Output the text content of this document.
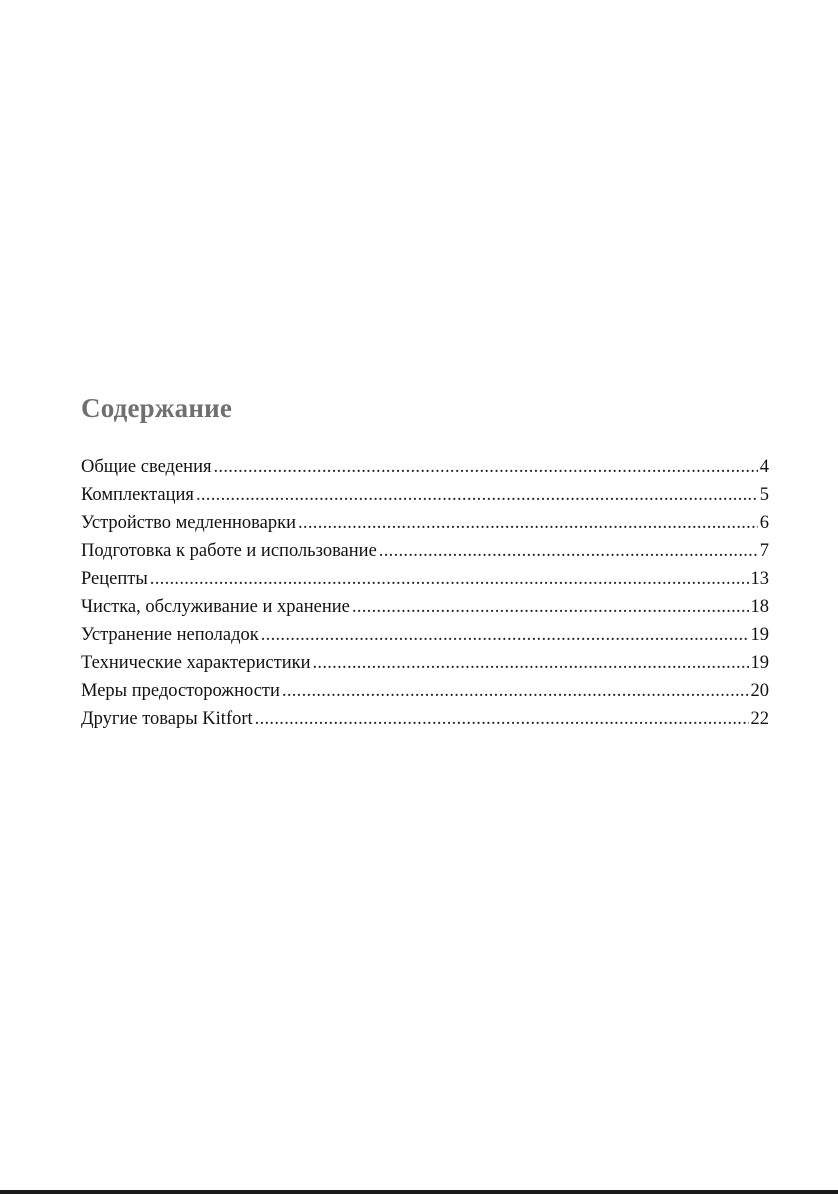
Содержание
Общие сведения .....	4
Комплектация .....	5
Устройство медленноварки .....	6
Подготовка к работе и использование .....	7
Рецепты .....	13
Чистка, обслуживание и хранение .....	18
Устранение неполадок .....	19
Технические характеристики .....	19
Меры предосторожности .....	20
Другие товары Kitfort .....	22
